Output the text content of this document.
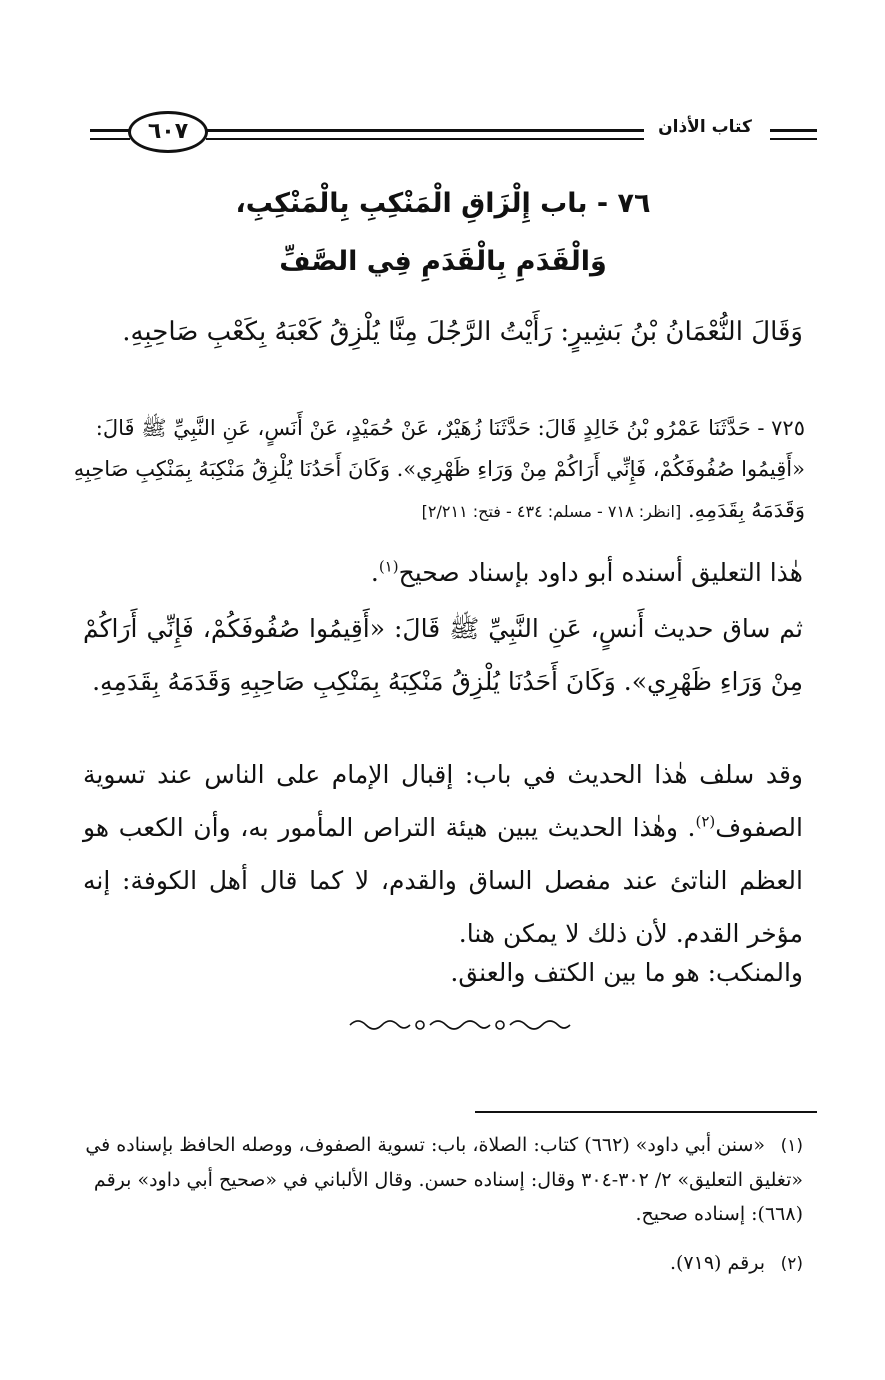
كتاب الأذان
٦٠٧
٧٦ - باب إِلْزَاقِ الْمَنْكِبِ بِالْمَنْكِبِ،
وَالْقَدَمِ بِالْقَدَمِ فِي الصَّفِّ
وَقَالَ النُّعْمَانُ بْنُ بَشِيرٍ: رَأَيْتُ الرَّجُلَ مِنَّا يُلْزِقُ كَعْبَهُ بِكَعْبِ صَاحِبِهِ.
٧٢٥ - حَدَّثَنَا عَمْرُو بْنُ خَالِدٍ قَالَ: حَدَّثَنَا زُهَيْرٌ، عَنْ حُمَيْدٍ، عَنْ أَنَسٍ، عَنِ النَّبِيِّ ﷺ قَالَ: «أَقِيمُوا صُفُوفَكُمْ، فَإِنِّي أَرَاكُمْ مِنْ وَرَاءِ ظَهْرِي». وَكَانَ أَحَدُنَا يُلْزِقُ مَنْكِبَهُ بِمَنْكِبِ صَاحِبِهِ وَقَدَمَهُ بِقَدَمِهِ. [انظر: ٧١٨ - مسلم: ٤٣٤ - فتح: ٢/٢١١]
هٰذا التعليق أسنده أبو داود بإسناد صحيح$^{(١)}$.
ثم ساق حديث أَنسٍ، عَنِ النَّبِيِّ ﷺ قَالَ: «أَقِيمُوا صُفُوفَكُمْ، فَإِنِّي أَرَاكُمْ مِنْ وَرَاءِ ظَهْرِي». وَكَانَ أَحَدُنَا يُلْزِقُ مَنْكِبَهُ بِمَنْكِبِ صَاحِبِهِ وَقَدَمَهُ بِقَدَمِهِ.
وقد سلف هٰذا الحديث في باب: إقبال الإمام على الناس عند تسوية الصفوف$^{(٢)}$. وهٰذا الحديث يبين هيئة التراص المأمور به، وأن الكعب هو العظم الناتئ عند مفصل الساق والقدم، لا كما قال أهل الكوفة: إنه مؤخر القدم. لأن ذلك لا يمكن هنا.
والمنكب: هو ما بين الكتف والعنق.
(١)«سنن أبي داود» (٦٦٢) كتاب: الصلاة، باب: تسوية الصفوف، ووصله الحافظ بإسناده في «تغليق التعليق» ٢/ ٣٠٢-٣٠٤ وقال: إسناده حسن. وقال الألباني في «صحيح أبي داود» برقم (٦٦٨): إسناده صحيح.
(٢)برقم (٧١٩).
